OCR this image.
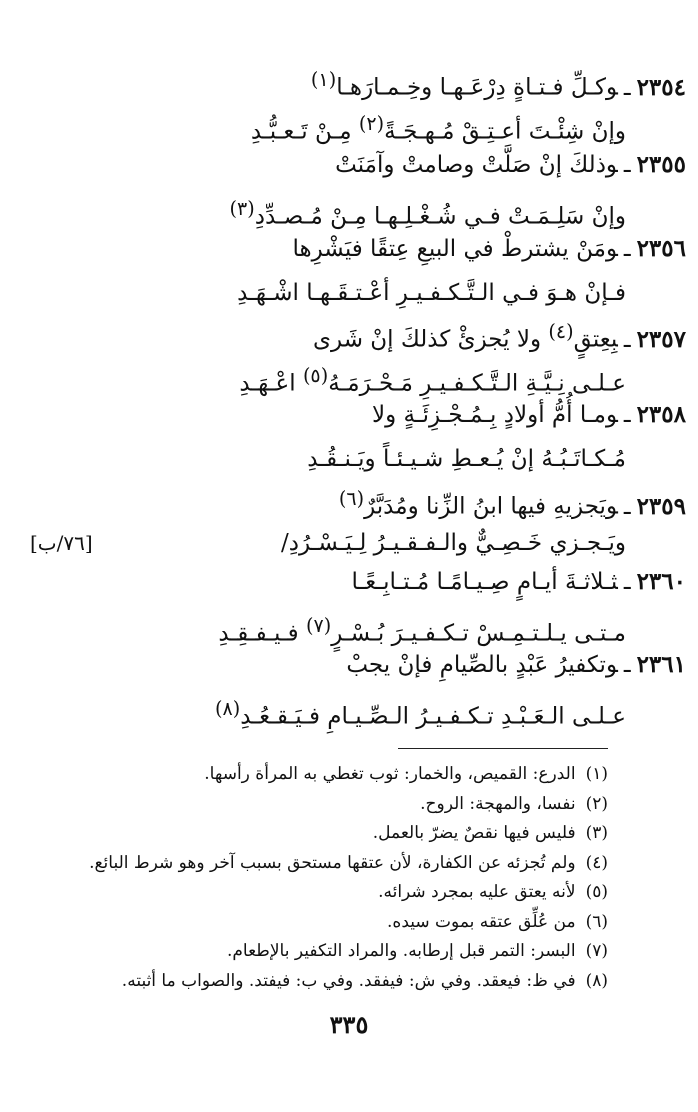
٢٣٥٤ـوكـلِّ فـتـاةٍ دِرْعَـهـا وخِـمـارَهـا$^{(١)}$
وإنْ شِئْـتَ أعـتِـقْ مُـهـجَـةً$^{(٢)}$ مِـنْ تَـعـبُّـدِ
٢٣٥٥ـوذلكَ إنْ صَلَّتْ وصامتْ وآمَنَتْ
وإنْ سَلِـمَـتْ فـي شُـغْـلِـهـا مِـنْ مُـصـدِّدِ$^{(٣)}$
٢٣٥٦ـومَنْ يشترطْ في البيعِ عِتقًا فيَشْرِها
فـإنْ هـوَ فـي الـتَّـكـفـيـرِ أعْـتـقَـهـا اشْـهَـدِ
٢٣٥٧ـبِعِتقٍ$^{(٤)}$ ولا يُجزئْ كذلكَ إنْ شَرى
عـلـى نِـيَّـةِ الـتَّـكـفـيـرِ مَـحْـرَمَـهُ$^{(٥)}$ اعْـهَـدِ
٢٣٥٨ـومـا أُمُّ أولادٍ بِـمُـجْـزِئَـةٍ ولا
مُـكـاتَـبُـهُ إنْ يُـعـطِ شـيـئـاً ويَـنـقُـدِ
٢٣٥٩ـويَجزيهِ فيها ابنُ الزِّنا ومُدَبَّرٌ$^{(٦)}$
ويَـجـزي خَـصِـيٌّ والـفـقـيـرُ لِـيَـسْـرُدِ/
[٧٦/ب]
٢٣٦٠ـثـلاثـةَ أيـامٍ صِـيـامًـا مُـتـابِـعًـا
مـتـى يـلـتـمِـسْ تـكـفـيـرَ بُـسْـرٍ$^{(٧)}$ فـيـفـقِـدِ
٢٣٦١ـوتكفيرُ عَبْدٍ بالصِّيامِ فإنْ يجبْ
عـلـى الـعَـبْـدِ تـكـفـيـرُ الـصِّـيـامِ فـيَـقـعُـدِ$^{(٨)}$
(١)الدرع: القميص، والخمار: ثوب تغطي به المرأة رأسها.
(٢)نفسا، والمهجة: الروح.
(٣)فليس فيها نقصٌ يضرّ بالعمل.
(٤)ولم تُجزئه عن الكفارة، لأن عتقها مستحق بسبب آخر وهو شرط البائع.
(٥)لأنه يعتق عليه بمجرد شرائه.
(٦)من عُلِّق عتقه بموت سيده.
(٧)البسر: التمر قبل إرطابه. والمراد التكفير بالإطعام.
(٨)في ظ: فيعقد. وفي ش: فيفقد. وفي ب: فيفتد. والصواب ما أثبته.
٣٣٥
